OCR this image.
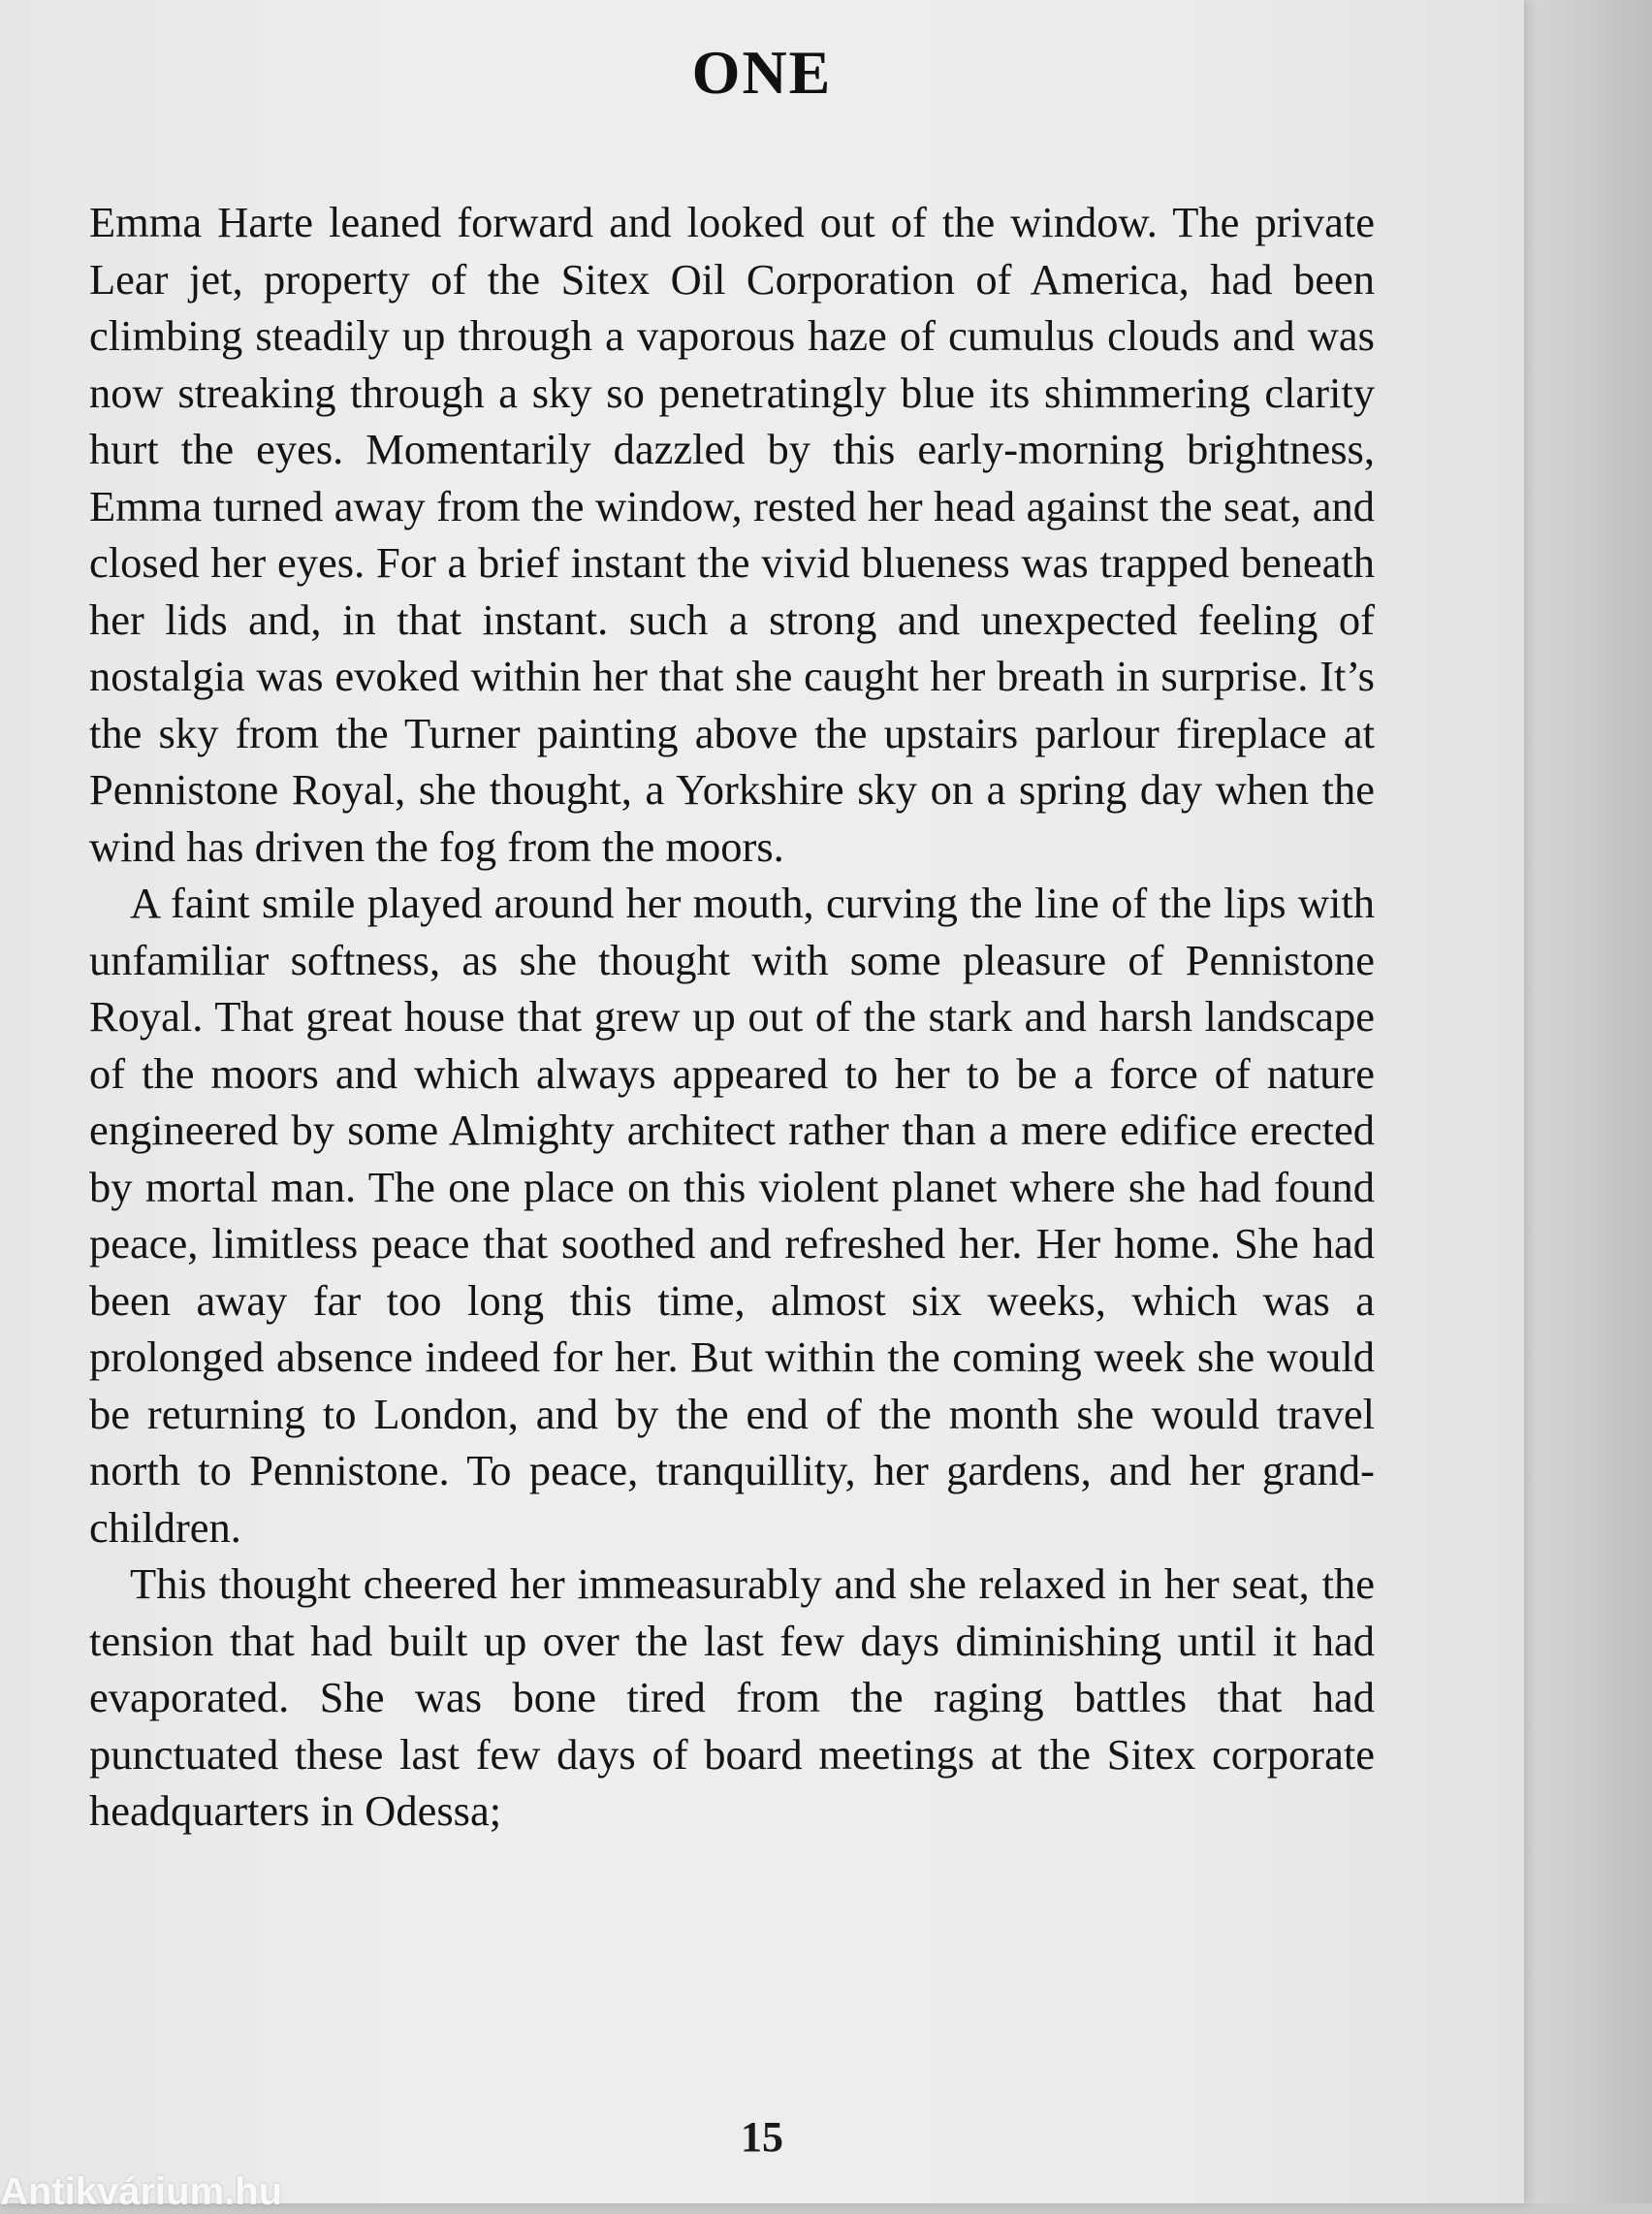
ONE

Emma Harte leaned forward and looked out of the window. The private Lear jet, property of the Sitex Oil Corporation of America, had been climbing steadily up through a vaporous haze of cumulus clouds and was now streaking through a sky so penetratingly blue its shimmering clarity hurt the eyes. Momentarily dazzled by this early-morning brightness, Emma turned away from the window, rested her head against the seat, and closed her eyes. For a brief instant the vivid blueness was trapped beneath her lids and, in that instant. such a strong and unexpected feeling of nostalgia was evoked within her that she caught her breath in surprise. It’s the sky from the Turner painting above the upstairs parlour fireplace at Pennistone Royal, she thought, a Yorkshire sky on a spring day when the wind has driven the fog from the moors.

A faint smile played around her mouth, curving the line of the lips with unfamiliar softness, as she thought with some pleasure of Pennistone Royal. That great house that grew up out of the stark and harsh landscape of the moors and which always appeared to her to be a force of nature engineered by some Almighty architect rather than a mere edifice erected by mortal man. The one place on this violent planet where she had found peace, limitless peace that soothed and refreshed her. Her home. She had been away far too long this time, almost six weeks, which was a prolonged absence indeed for her. But within the coming week she would be returning to London, and by the end of the month she would travel north to Pennistone. To peace, tranquillity, her gardens, and her grandchildren.

This thought cheered her immeasurably and she relaxed in her seat, the tension that had built up over the last few days diminishing until it had evaporated. She was bone tired from the raging battles that had punctuated these last few days of board meetings at the Sitex corporate headquarters in Odessa;

15
Antikvárium.hu
